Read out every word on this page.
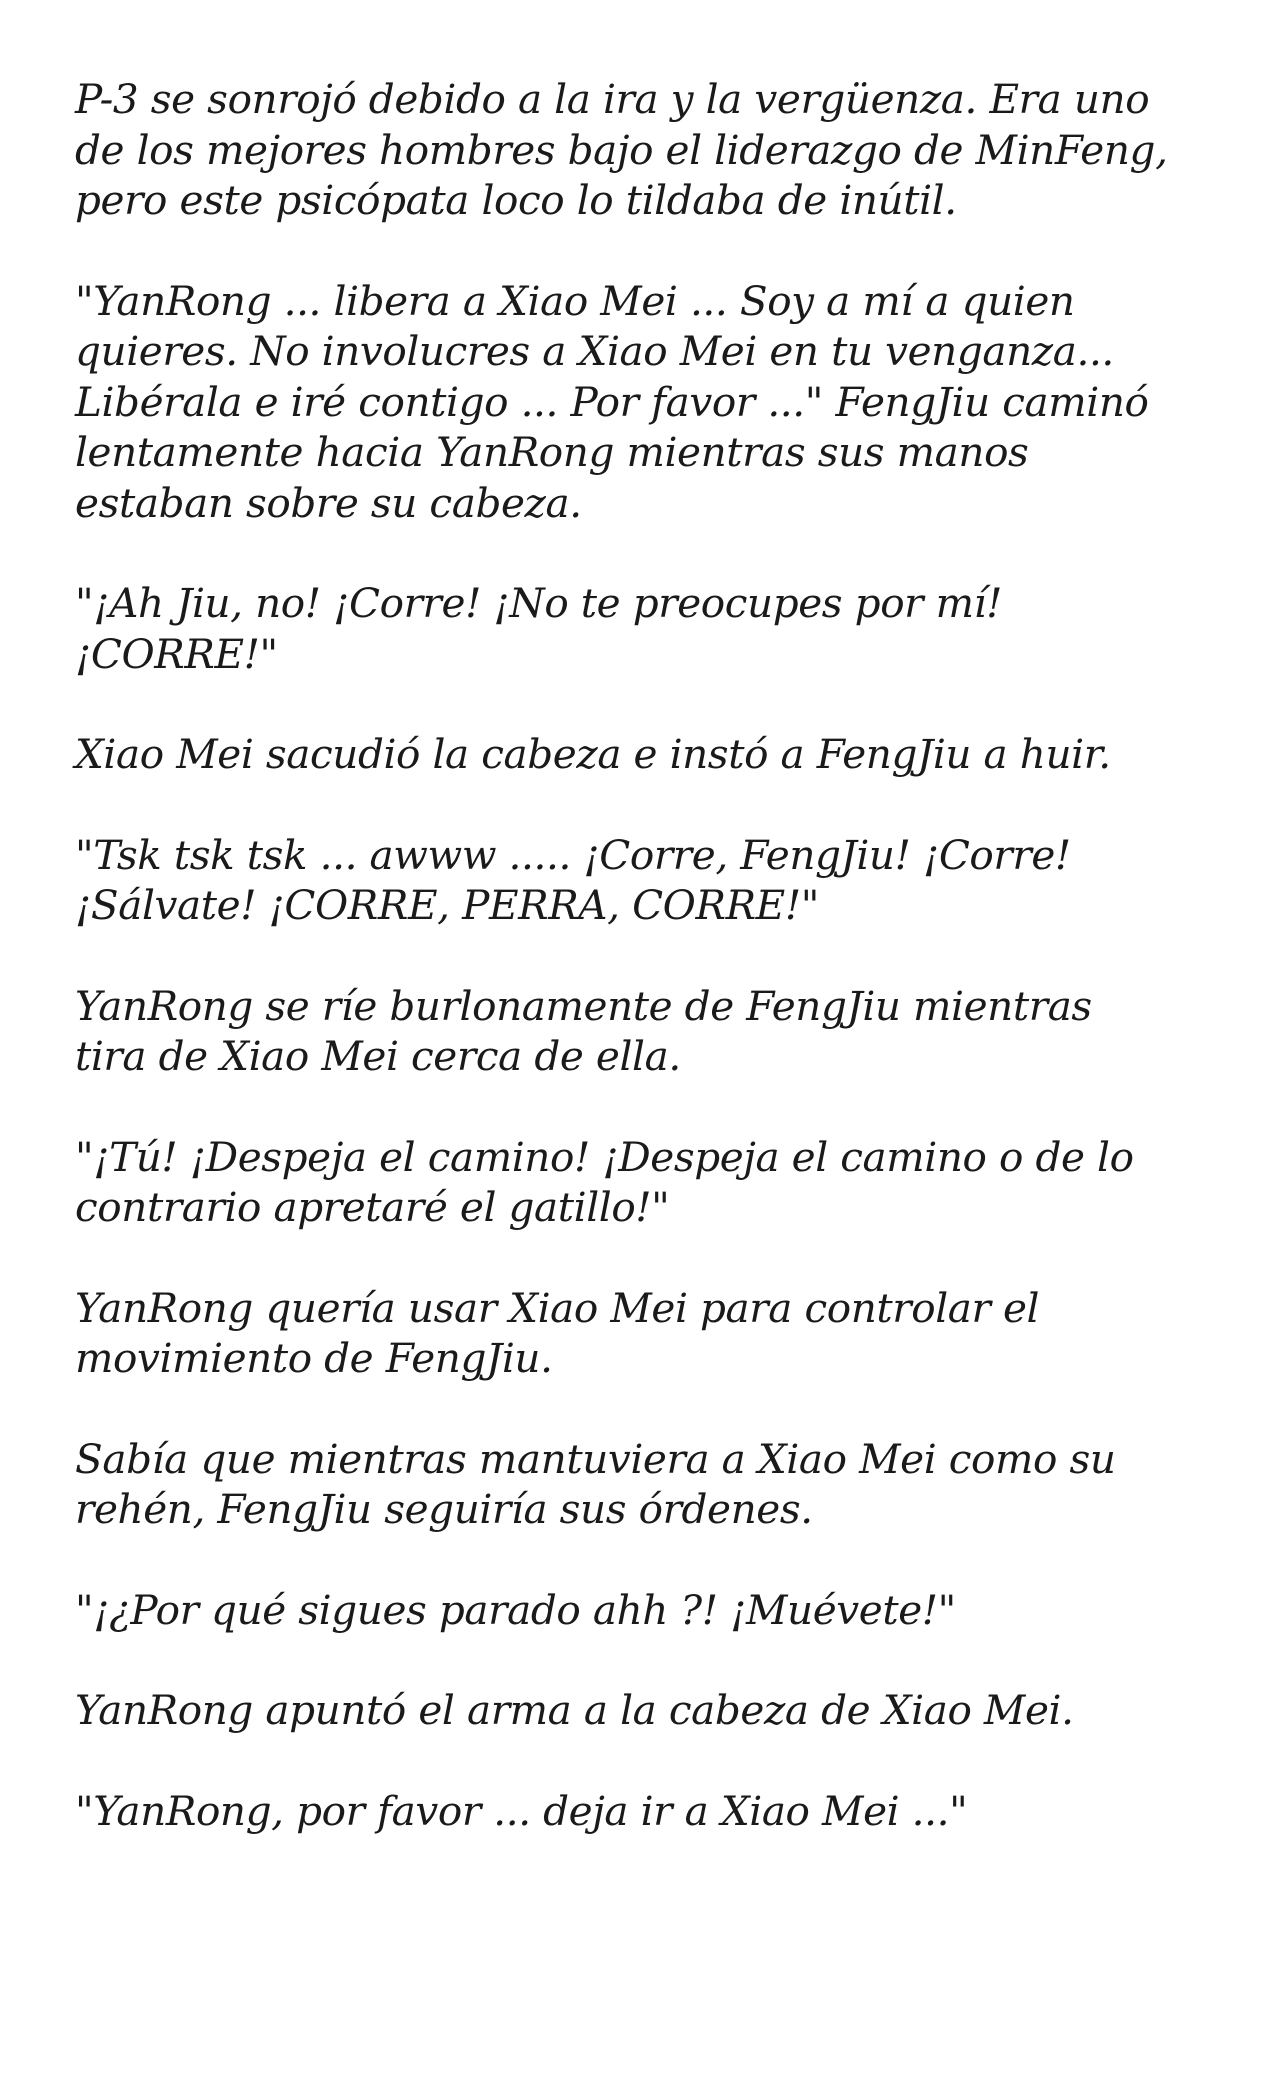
P-3 se sonrojó debido a la ira y la vergüenza. Era uno
de los mejores hombres bajo el liderazgo de MinFeng,
pero este psicópata loco lo tildaba de inútil.

"YanRong ... libera a Xiao Mei ... Soy a mí a quien
quieres. No involucres a Xiao Mei en tu venganza...
Libérala e iré contigo ... Por favor ..." FengJiu caminó
lentamente hacia YanRong mientras sus manos
estaban sobre su cabeza.

"¡Ah Jiu, no! ¡Corre! ¡No te preocupes por mí!
¡CORRE!"

Xiao Mei sacudió la cabeza e instó a FengJiu a huir.

"Tsk tsk tsk ... awww ..... ¡Corre, FengJiu! ¡Corre!
¡Sálvate! ¡CORRE, PERRA, CORRE!"

YanRong se ríe burlonamente de FengJiu mientras
tira de Xiao Mei cerca de ella.

"¡Tú! ¡Despeja el camino! ¡Despeja el camino o de lo
contrario apretaré el gatillo!"

YanRong quería usar Xiao Mei para controlar el
movimiento de FengJiu.

Sabía que mientras mantuviera a Xiao Mei como su
rehén, FengJiu seguiría sus órdenes.

"¡¿Por qué sigues parado ahh ?! ¡Muévete!"

YanRong apuntó el arma a la cabeza de Xiao Mei.

"YanRong, por favor ... deja ir a Xiao Mei ..."
